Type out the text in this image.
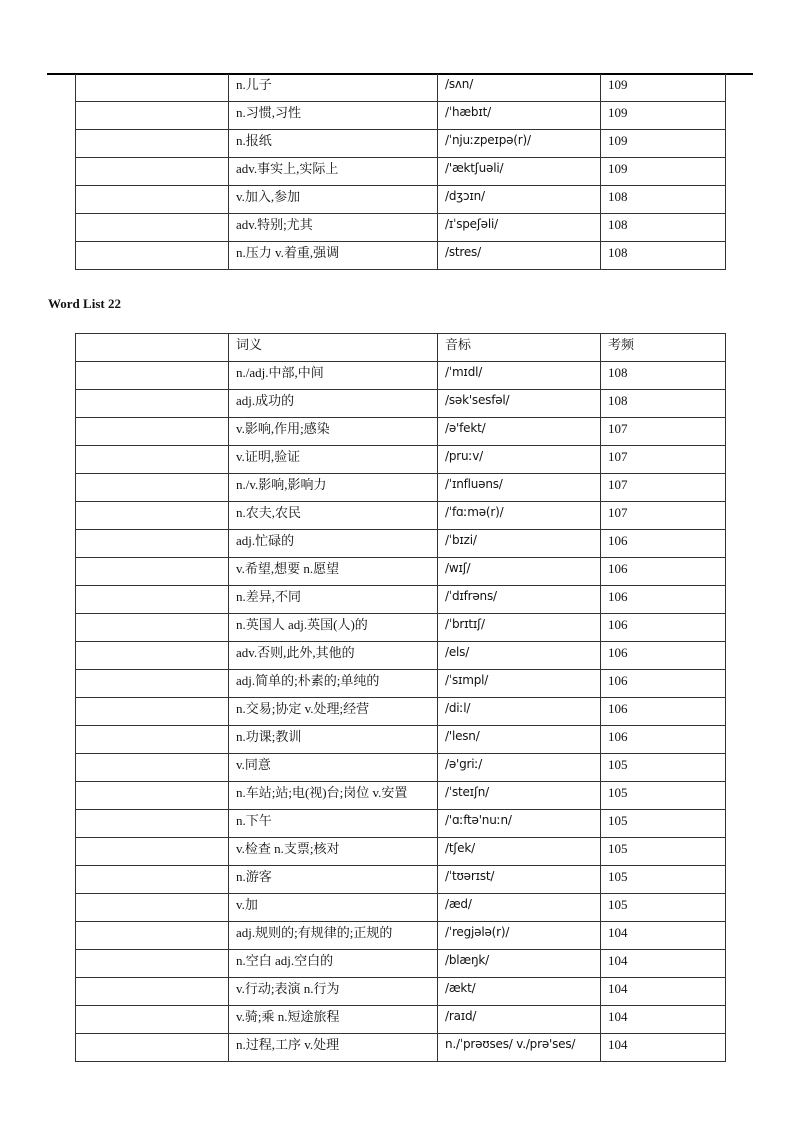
	n.儿子	/sʌn/	109
	n.习惯,习性	/ˈhæbɪt/	109
	n.报纸	/ˈnjuːzpeɪpə(r)/	109
	adv.事实上,实际上	/'æktʃuəli/	109
	v.加入,参加	/dʒɔɪn/	108
	adv.特别;尤其	/ɪˈspeʃəli/	108
	n.压力 v.着重,强调	/stres/	108
Word List 22
	词义	音标	考频
	n./adj.中部,中间	/ˈmɪdl/	108
	adj.成功的	/sək'sesfəl/	108
	v.影响,作用;感染	/ə'fekt/	107
	v.证明,验证	/pruːv/	107
	n./v.影响,影响力	/ˈɪnfluəns/	107
	n.农夫,农民	/ˈfɑːmə(r)/	107
	adj.忙碌的	/ˈbɪzi/	106
	v.希望,想要 n.愿望	/wɪʃ/	106
	n.差异,不同	/ˈdɪfrəns/	106
	n.英国人 adj.英国(人)的	/ˈbrɪtɪʃ/	106
	adv.否则,此外,其他的	/els/	106
	adj.简单的;朴素的;单纯的	/ˈsɪmpl/	106
	n.交易;协定 v.处理;经营	/diːl/	106
	n.功课;教训	/'lesn/	106
	v.同意	/ə'griː/	105
	n.车站;站;电(视)台;岗位 v.安置	/ˈsteɪʃn/	105
	n.下午	/'ɑːftə'nuːn/	105
	v.检查 n.支票;核对	/tʃek/	105
	n.游客	/ˈtʊərɪst/	105
	v.加	/æd/	105
	adj.规则的;有规律的;正规的	/ˈregjələ(r)/	104
	n.空白 adj.空白的	/blæŋk/	104
	v.行动;表演 n.行为	/ækt/	104
	v.骑;乘 n.短途旅程	/raɪd/	104
	n.过程,工序 v.处理	n./ˈprəʊses/ v./prə'ses/	104
